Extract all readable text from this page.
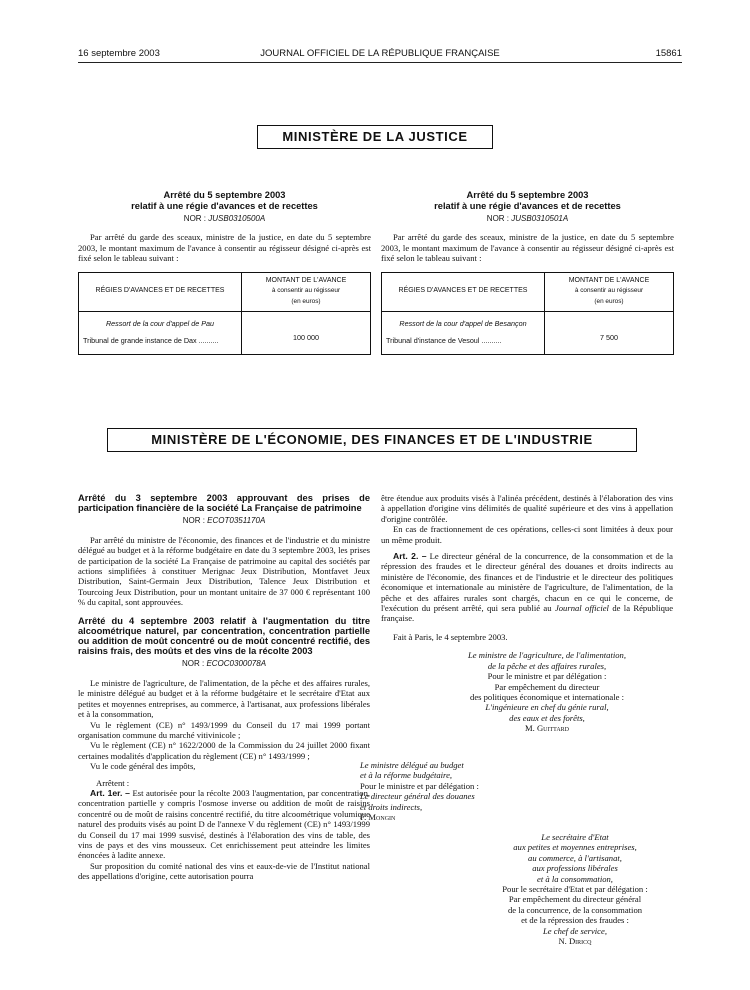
16 septembre 2003	JOURNAL OFFICIEL DE LA RÉPUBLIQUE FRANÇAISE	15861
MINISTÈRE DE LA JUSTICE
Arrêté du 5 septembre 2003
relatif à une régie d'avances et de recettes
NOR : JUSB0310500A

Par arrêté du garde des sceaux, ministre de la justice, en date du 5 septembre 2003, le montant maximum de l'avance à consentir au régisseur désigné ci-après est fixé selon le tableau suivant :

RÉGIES D'AVANCES ET DE RECETTES	MONTANT DE L'AVANCE
à consentir au régisseur
(en euros)

Ressort de la cour d'appel de Pau
Tribunal de grande instance de Dax ..........	100 000
Arrêté du 5 septembre 2003
relatif à une régie d'avances et de recettes
NOR : JUSB0310501A

Par arrêté du garde des sceaux, ministre de la justice, en date du 5 septembre 2003, le montant maximum de l'avance à consentir au régisseur désigné ci-après est fixé selon le tableau suivant :

RÉGIES D'AVANCES ET DE RECETTES	MONTANT DE L'AVANCE
à consentir au régisseur
(en euros)

Ressort de la cour d'appel de Besançon
Tribunal d'instance de Vesoul ..........	7 500
MINISTÈRE DE L'ÉCONOMIE, DES FINANCES ET DE L'INDUSTRIE
Arrêté du 3 septembre 2003 approuvant des prises de participation financière de la société La Française de patrimoine
NOR : ECOT0351170A

Par arrêté du ministre de l'économie, des finances et de l'industrie et du ministre délégué au budget et à la réforme budgétaire en date du 3 septembre 2003, les prises de participation de la société La Française de patrimoine au capital des sociétés par actions simplifiées à constituer Merignac Jeux Distribution, Montfavet Jeux Distribution, Saint-Germain Jeux Distribution, Talence Jeux Distribution et Tourcoing Jeux Distribution, pour un montant unitaire de 37 000 € représentant 100 % du capital, sont approuvées.

Arrêté du 4 septembre 2003 relatif à l'augmentation du titre alcoométrique naturel, par concentration, concentration partielle ou addition de moût concentré ou de moût concentré rectifié, des raisins frais, des moûts et des vins de la récolte 2003
NOR : ECOC0300078A

Le ministre de l'agriculture, de l'alimentation, de la pêche et des affaires rurales, le ministre délégué au budget et à la réforme budgétaire et le secrétaire d'Etat aux petites et moyennes entreprises, au commerce, à l'artisanat, aux professions libérales et à la consommation,

Vu le règlement (CE) n° 1493/1999 du Conseil du 17 mai 1999 portant organisation commune du marché vitivinicole ;

Vu le règlement (CE) n° 1622/2000 de la Commission du 24 juillet 2000 fixant certaines modalités d'application du règlement (CE) n° 1493/1999 ;

Vu le code général des impôts,

Arrêtent :

Art. 1er. – Est autorisée pour la récolte 2003 l'augmentation, par concentration, concentration partielle y compris l'osmose inverse ou addition de moût de raisins concentré ou de moût de raisins concentré rectifié, du titre alcoométrique volumique naturel des produits visés au point D de l'annexe V du règlement (CE) n° 1493/1999 du Conseil du 17 mai 1999 susvisé, destinés à l'élaboration des vins de table, des vins de pays et des vins mousseux. Cet enrichissement peut atteindre les limites énoncées à ladite annexe.

Sur proposition du comité national des vins et eaux-de-vie de l'Institut national des appellations d'origine, cette autorisation pourra

être étendue aux produits visés à l'alinéa précédent, destinés à l'élaboration des vins à appellation d'origine vins délimités de qualité supérieure et des vins à appellation d'origine contrôlée.

En cas de fractionnement de ces opérations, celles-ci sont limitées à deux pour un même produit.

Art. 2. – Le directeur général de la concurrence, de la consommation et de la répression des fraudes et le directeur général des douanes et droits indirects au ministère de l'économie, des finances et de l'industrie et le directeur des politiques économique et internationale au ministère de l'agriculture, de l'alimentation, de la pêche et des affaires rurales sont chargés, chacun en ce qui le concerne, de l'exécution du présent arrêté, qui sera publié au Journal officiel de la République française.

Fait à Paris, le 4 septembre 2003.

Le ministre de l'agriculture, de l'alimentation,
de la pêche et des affaires rurales,
Pour le ministre et par délégation :
Par empêchement du directeur
des politiques économique et internationale :
L'ingénieure en chef du génie rural,
des eaux et des forêts,
M. Guittard
Le ministre délégué au budget
et à la réforme budgétaire,
Pour le ministre et par délégation :
Le directeur général des douanes
et droits indirects,
F. Mongin
Le secrétaire d'Etat
aux petites et moyennes entreprises,
au commerce, à l'artisanat,
aux professions libérales
et à la consommation,
Pour le secrétaire d'Etat et par délégation :
Par empêchement du directeur général
de la concurrence, de la consommation
et de la répression des fraudes :
Le chef de service,
N. Diricq
